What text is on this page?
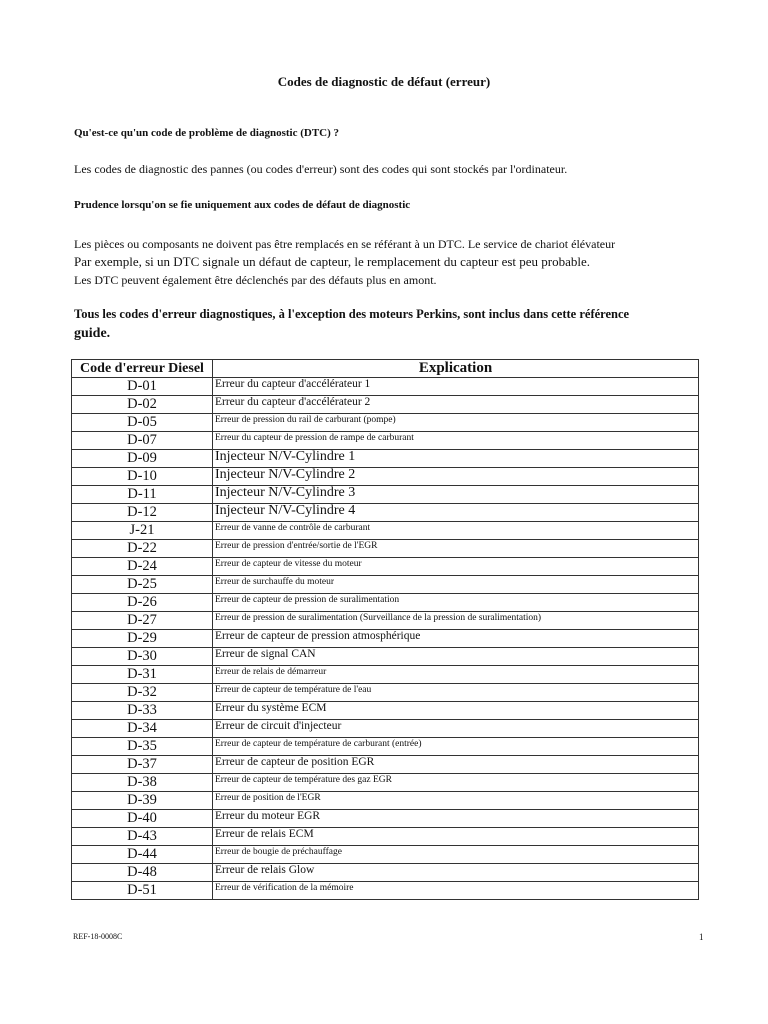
Codes de diagnostic de défaut (erreur)
Qu'est-ce qu'un code de problème de diagnostic (DTC) ?
Les codes de diagnostic des pannes (ou codes d'erreur) sont des codes qui sont stockés par l'ordinateur.
Prudence lorsqu'on se fie uniquement aux codes de défaut de diagnostic
Les pièces ou composants ne doivent pas être remplacés en se référant à un DTC. Le service de chariot élévateur
Par exemple, si un DTC signale un défaut de capteur, le remplacement du capteur est peu probable.
Les DTC peuvent également être déclenchés par des défauts plus en amont.
Tous les codes d'erreur diagnostiques, à l'exception des moteurs Perkins, sont inclus dans cette référence
guide.
Code d'erreur Diesel	Explication
D-01	Erreur du capteur d'accélérateur 1
D-02	Erreur du capteur d'accélérateur 2
D-05	Erreur de pression du rail de carburant (pompe)
D-07	Erreur du capteur de pression de rampe de carburant
D-09	Injecteur N/V-Cylindre 1
D-10	Injecteur N/V-Cylindre 2
D-11	Injecteur N/V-Cylindre 3
D-12	Injecteur N/V-Cylindre 4
J-21	Erreur de vanne de contrôle de carburant
D-22	Erreur de pression d'entrée/sortie de l'EGR
D-24	Erreur de capteur de vitesse du moteur
D-25	Erreur de surchauffe du moteur
D-26	Erreur de capteur de pression de suralimentation
D-27	Erreur de pression de suralimentation (Surveillance de la pression de suralimentation)
D-29	Erreur de capteur de pression atmosphérique
D-30	Erreur de signal CAN
D-31	Erreur de relais de démarreur
D-32	Erreur de capteur de température de l'eau
D-33	Erreur du système ECM
D-34	Erreur de circuit d'injecteur
D-35	Erreur de capteur de température de carburant (entrée)
D-37	Erreur de capteur de position EGR
D-38	Erreur de capteur de température des gaz EGR
D-39	Erreur de position de l'EGR
D-40	Erreur du moteur EGR
D-43	Erreur de relais ECM
D-44	Erreur de bougie de préchauffage
D-48	Erreur de relais Glow
D-51	Erreur de vérification de la mémoire
REF-18-0008C	1
